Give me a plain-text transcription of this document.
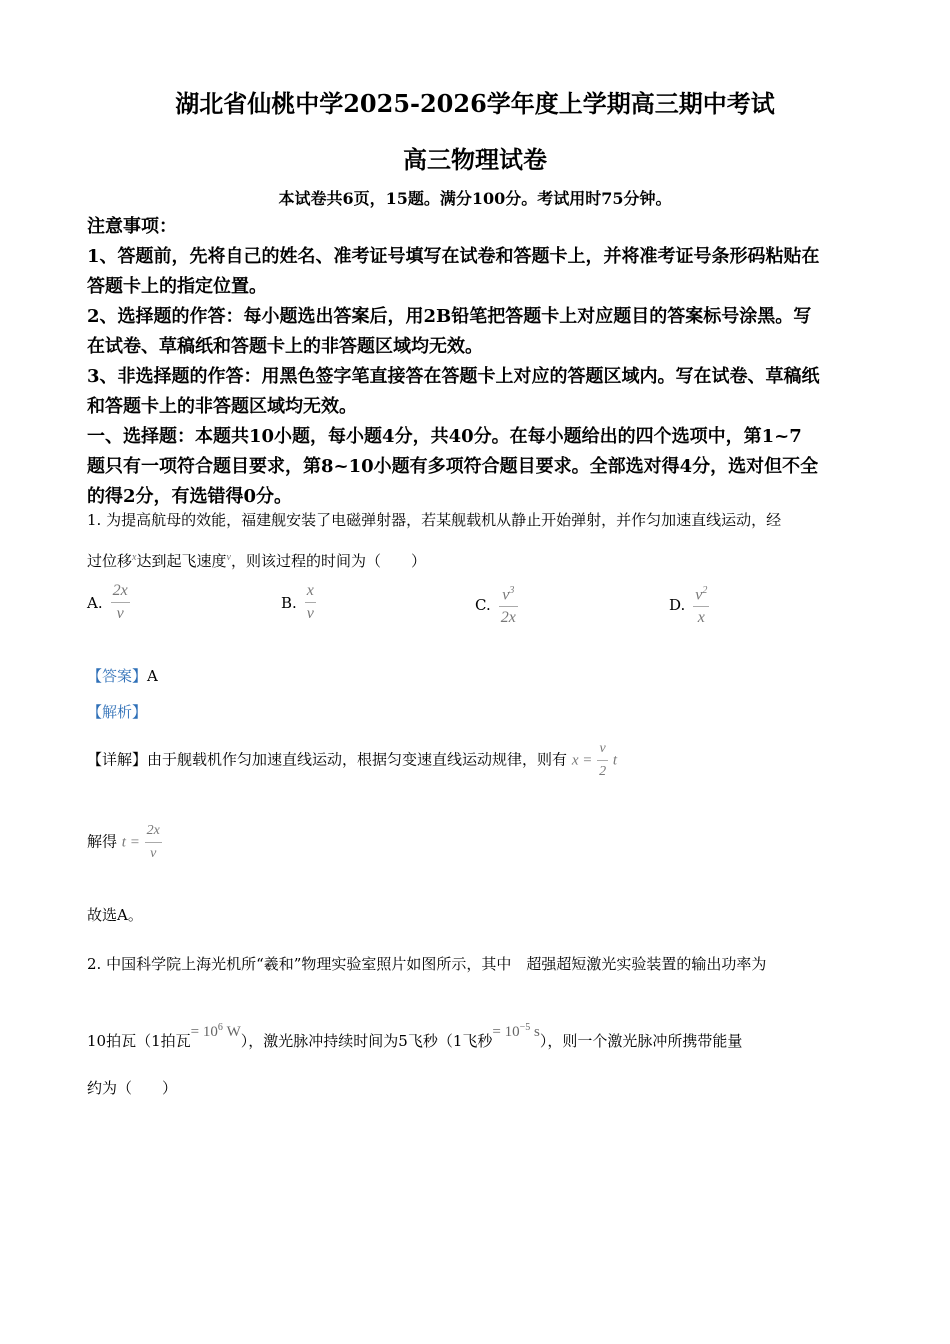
湖北省仙桃中学2025-2026学年度上学期高三期中考试
高三物理试卷
本试卷共6页，15题。满分100分。考试用时75分钟。
注意事项：
1、答题前，先将自己的姓名、准考证号填写在试卷和答题卡上，并将准考证号条形码粘贴在
答题卡上的指定位置。
2、选择题的作答：每小题选出答案后，用2B铅笔把答题卡上对应题目的答案标号涂黑。写
在试卷、草稿纸和答题卡上的非答题区域均无效。
3、非选择题的作答：用黑色签字笔直接答在答题卡上对应的答题区域内。写在试卷、草稿纸
和答题卡上的非答题区域均无效。
一、选择题：本题共10小题，每小题4分，共40分。在每小题给出的四个选项中，第1~7
题只有一项符合题目要求，第8~10小题有多项符合题目要求。全部选对得4分，选对但不全
的得2分，有选错得0分。
1. 为提高航母的效能，福建舰安装了电磁弹射器，若某舰载机从静止开始弹射，并作匀加速直线运动，经
过位移$^x$达到起飞速度$^v$，则该过程的时间为（　　）
A. $\frac{2x}{v}$	B. $\frac{x}{v}$	C. $\frac{v^3}{2x}$	D. $\frac{v^2}{x}$
【答案】A
【解析】
【详解】由于舰载机作匀加速直线运动，根据匀变速直线运动规律，则有 $x = \frac{v}{2}$ t
解得 $t = \frac{2x}{v}$
故选A。
2. 中国科学院上海光机所“羲和”物理实验室照片如图所示，其中　超强超短激光实验装置的输出功率为
10拍瓦（1拍瓦= $10^6$ W），激光脉冲持续时间为5飞秒（1飞秒= $10^{-5}$ s），则一个激光脉冲所携带能量
约为（　　）
